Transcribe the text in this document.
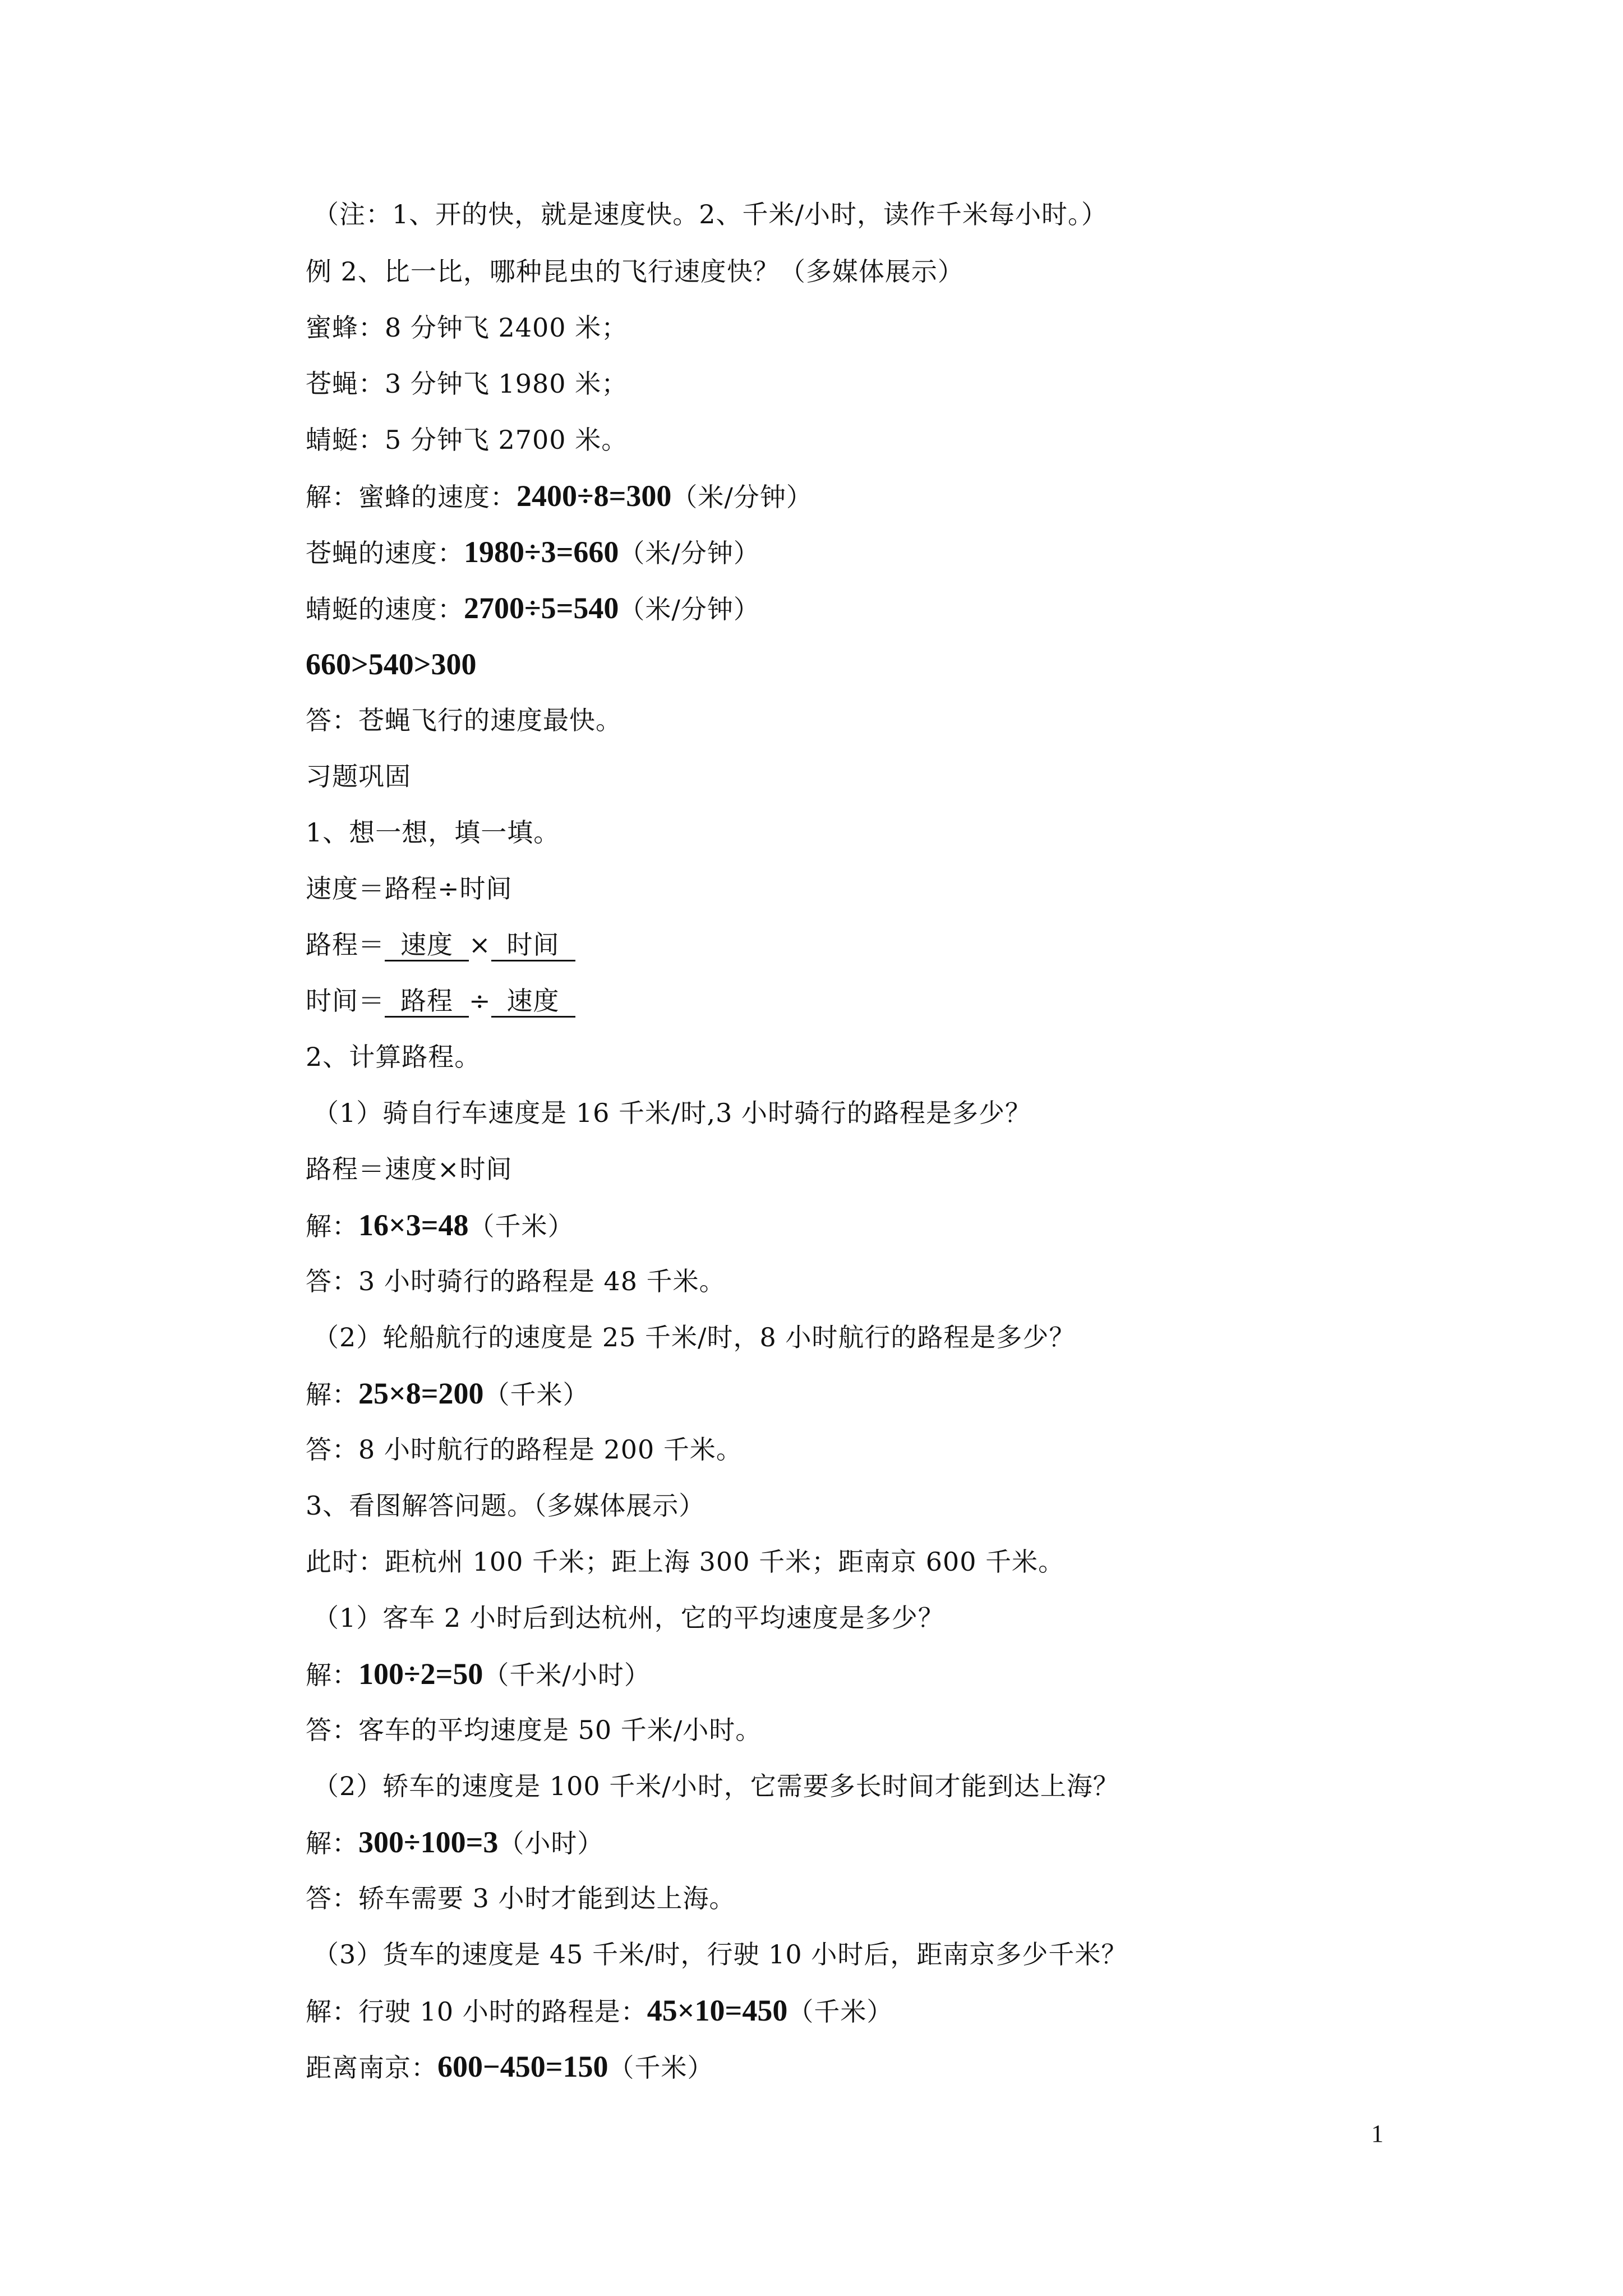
（注：1、开的快，就是速度快。2、千米/小时，读作千米每小时。）
例 2、比一比，哪种昆虫的飞行速度快？（多媒体展示）
蜜蜂：8 分钟飞 2400 米；
苍蝇：3 分钟飞 1980 米；
蜻蜓：5 分钟飞 2700 米。
解：蜜蜂的速度：2400÷8=300（米/分钟）
苍蝇的速度：1980÷3=660（米/分钟）
蜻蜓的速度：2700÷5=540（米/分钟）
660>540>300
答：苍蝇飞行的速度最快。
习题巩固
1、想一想，填一填。
速度＝路程÷时间
路程＝ 速度 × 时间
时间＝ 路程 ÷ 速度
2、计算路程。
（1）骑自行车速度是 16 千米/时,3 小时骑行的路程是多少？
路程＝速度×时间
解：16×3=48（千米）
答：3 小时骑行的路程是 48 千米。
（2）轮船航行的速度是 25 千米/时，8 小时航行的路程是多少？
解：25×8=200（千米）
答：8 小时航行的路程是 200 千米。
3、看图解答问题。（多媒体展示）
此时：距杭州 100 千米；距上海 300 千米；距南京 600 千米。
（1）客车 2 小时后到达杭州，它的平均速度是多少？
解：100÷2=50（千米/小时）
答：客车的平均速度是 50 千米/小时。
（2）轿车的速度是 100 千米/小时，它需要多长时间才能到达上海？
解：300÷100=3（小时）
答：轿车需要 3 小时才能到达上海。
（3）货车的速度是 45 千米/时，行驶 10 小时后，距南京多少千米？
解：行驶 10 小时的路程是：45×10=450（千米）
距离南京：600−450=150（千米）
1
